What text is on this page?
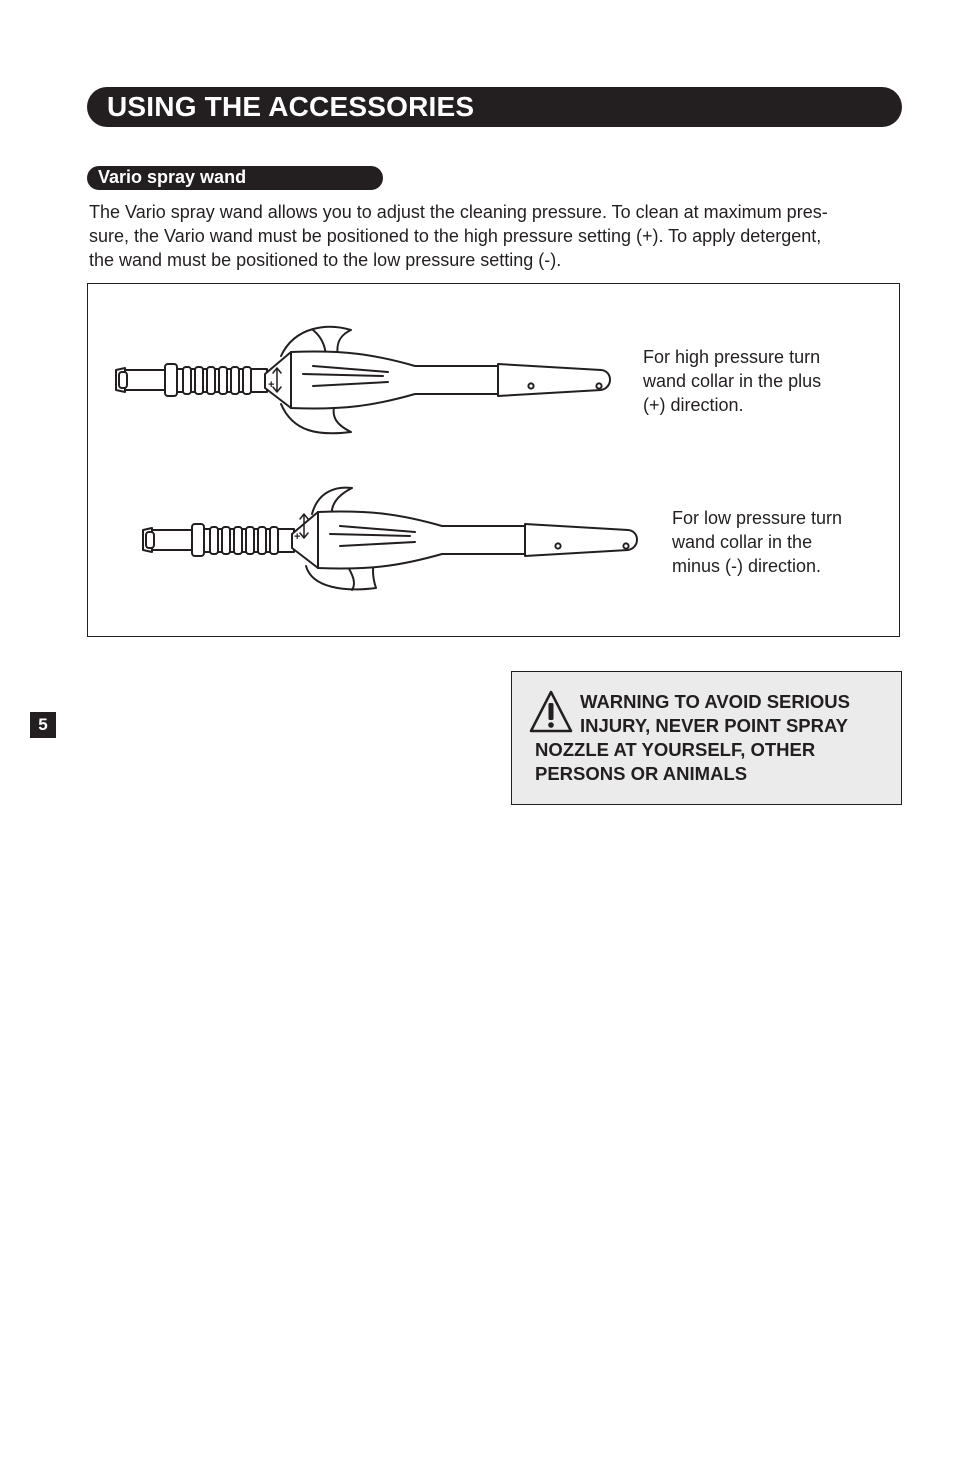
USING THE ACCESSORIES
Vario spray wand

The Vario spray wand allows you to adjust the cleaning pressure. To clean at maximum pres-
sure, the Vario wand must be positioned to the high pressure setting (+). To apply detergent,
the wand must be positioned to the low pressure setting (-).

+
+

For high pressure turn
wand collar in the plus
(+) direction.

For low pressure turn
wand collar in the
minus (-) direction.

WARNING TO AVOID SERIOUS
INJURY, NEVER POINT SPRAY
NOZZLE AT YOURSELF, OTHER
PERSONS OR ANIMALS
5
